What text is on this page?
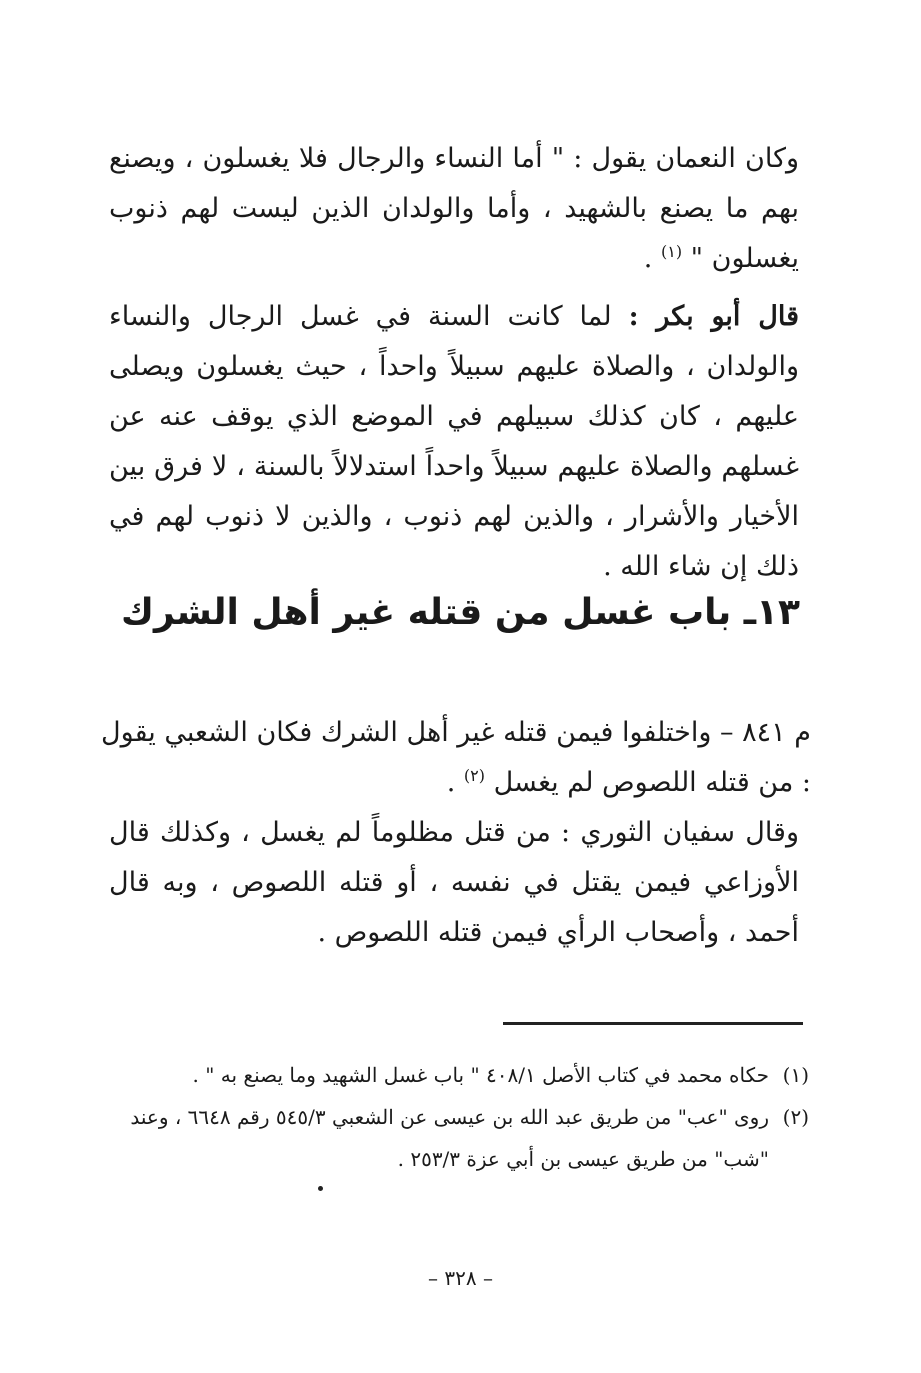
وكان النعمان يقول : " أما النساء والرجال فلا يغسلون ، ويصنع بهم ما يصنع بالشهيد ، وأما والولدان الذين ليست لهم ذنوب يغسلون " $^{(١)}$ .

قال أبو بكر : لما كانت السنة في غسل الرجال والنساء والولدان ، والصلاة عليهم سبيلاً واحداً ، حيث يغسلون ويصلى عليهم ، كان كذلك سبيلهم في الموضع الذي يوقف عنه عن غسلهم والصلاة عليهم سبيلاً واحداً استدلالاً بالسنة ، لا فرق بين الأخيار والأشرار ، والذين لهم ذنوب ، والذين لا ذنوب لهم في ذلك إن شاء الله .

١٣ـ باب غسل من قتله غير أهل الشرك

م ٨٤١ – واختلفوا فيمن قتله غير أهل الشرك فكان الشعبي يقول : من قتله اللصوص لم يغسل $^{(٢)}$ .

وقال سفيان الثوري : من قتل مظلوماً لم يغسل ، وكذلك قال الأوزاعي فيمن يقتل في نفسه ، أو قتله اللصوص ، وبه قال أحمد ، وأصحاب الرأي فيمن قتله اللصوص .

(١)
حكاه محمد في كتاب الأصل ٤٠٨/١ " باب غسل الشهيد وما يصنع به " .

(٢)
روى "عب" من طريق عبد الله بن عيسى عن الشعبي ٥٤٥/٣ رقم ٦٦٤٨ ، وعند "شب" من طريق عيسى بن أبي عزة ٢٥٣/٣ .

– ٣٢٨ –
